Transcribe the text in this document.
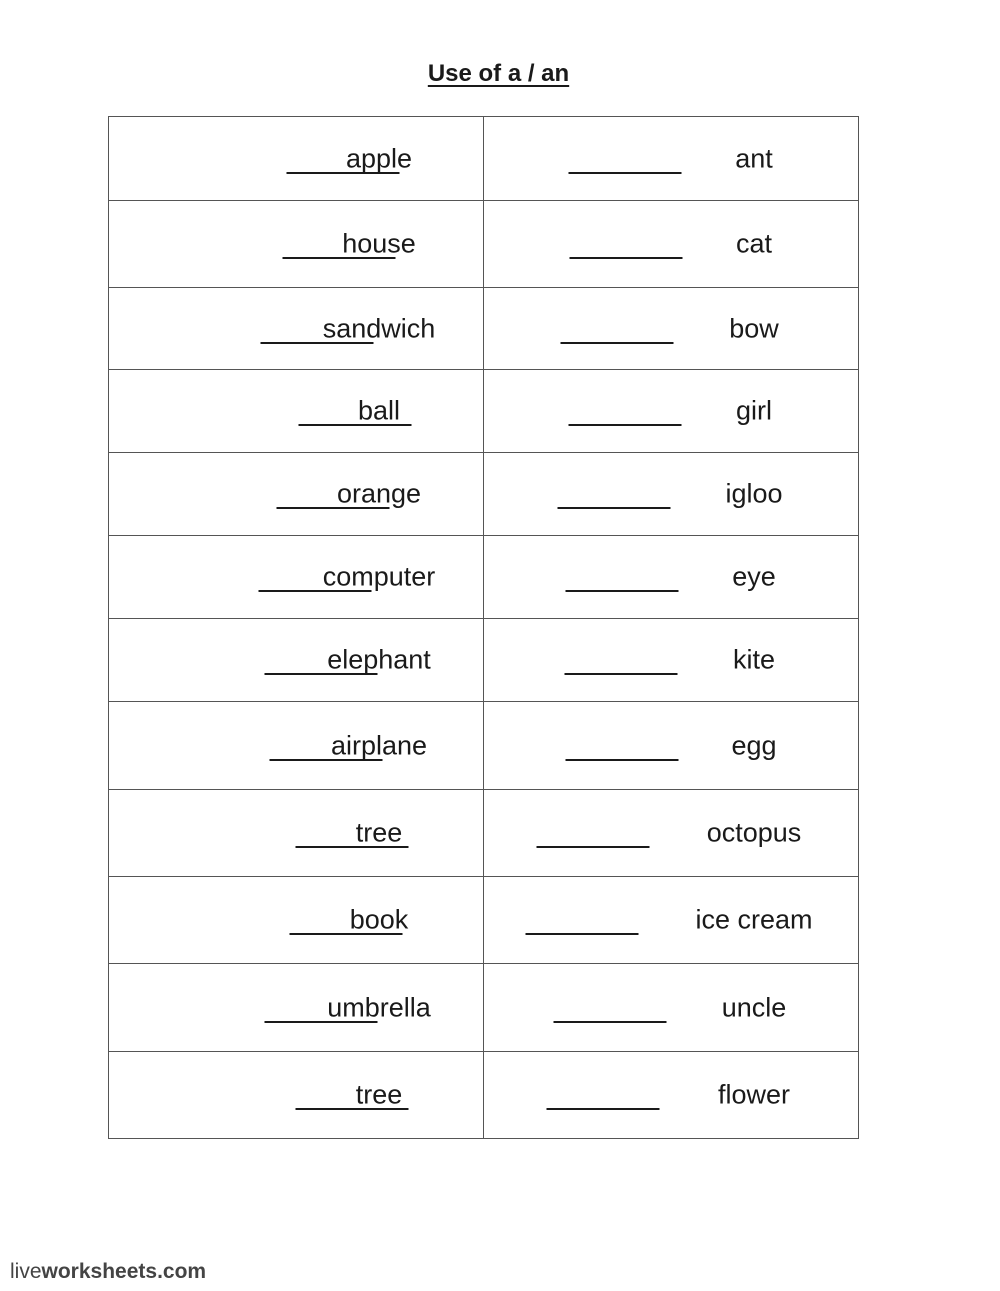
Use of a / an
apple	ant

house	cat

sandwich	bow

ball	girl

orange	igloo

computer	eye

elephant	kite

airplane	egg

tree	octopus

book	ice cream

umbrella	uncle

tree	flower
liveworksheets.com
